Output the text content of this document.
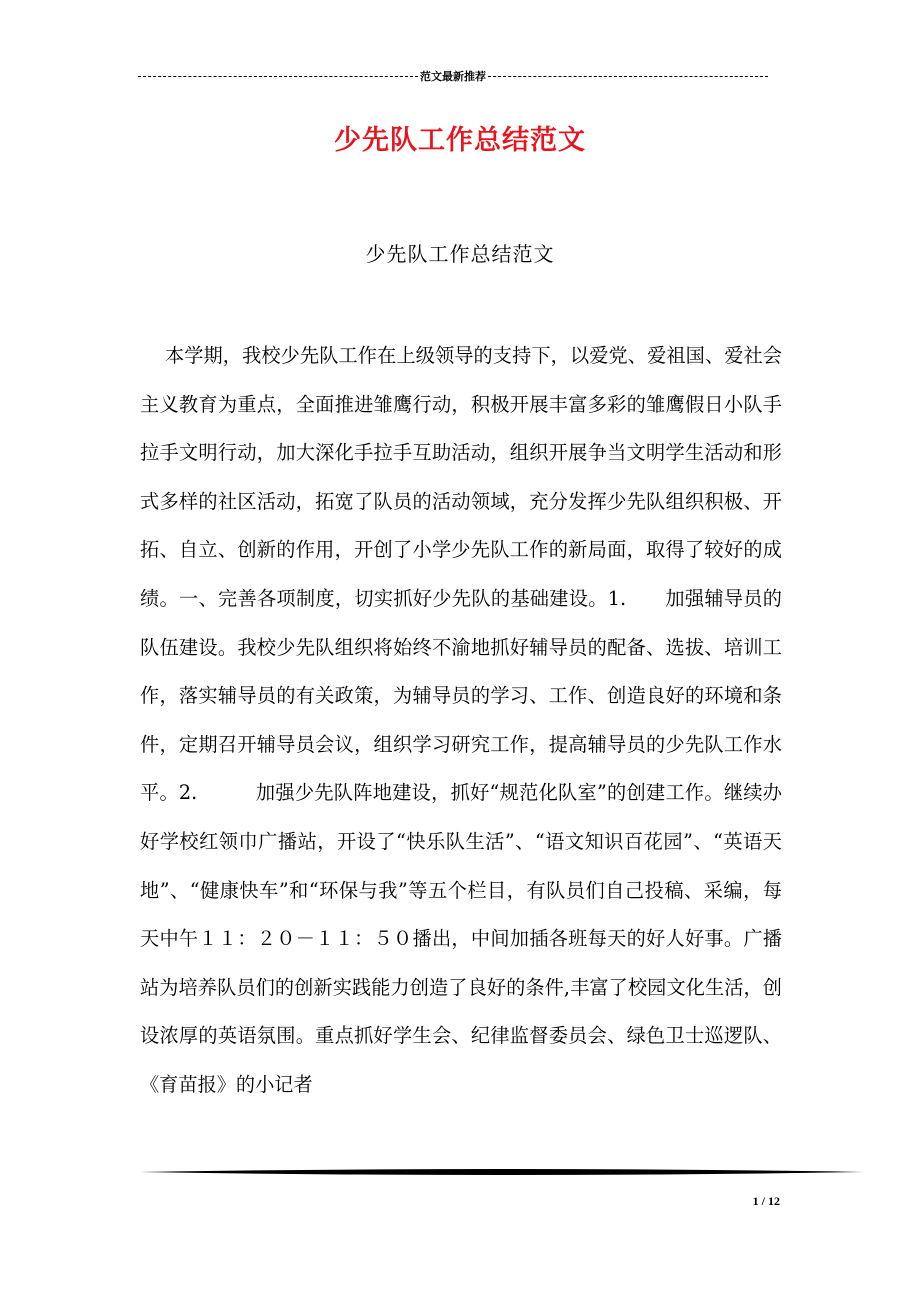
范文最新推荐
少先队工作总结范文
少先队工作总结范文

本学期，我校少先队工作在上级领导的支持下，以爱党、爱祖国、爱社会主义教育为重点，全面推进雏鹰行动，积极开展丰富多彩的雏鹰假日小队手拉手文明行动，加大深化手拉手互助活动，组织开展争当文明学生活动和形式多样的社区活动，拓宽了队员的活动领域，充分发挥少先队组织积极、开拓、自立、创新的作用，开创了小学少先队工作的新局面，取得了较好的成绩。一、完善各项制度，切实抓好少先队的基础建设。1.　　加强辅导员的队伍建设。我校少先队组织将始终不渝地抓好辅导员的配备、选拔、培训工作，落实辅导员的有关政策，为辅导员的学习、工作、创造良好的环境和条件，定期召开辅导员会议，组织学习研究工作，提高辅导员的少先队工作水平。2.　　　加强少先队阵地建设，抓好“规范化队室”的创建工作。继续办好学校红领巾广播站，开设了“快乐队生活”、“语文知识百花园”、“英语天地”、“健康快车”和“环保与我”等五个栏目，有队员们自己投稿、采编，每天中午１１：２０－１１：５０播出，中间加插各班每天的好人好事。广播站为培养队员们的创新实践能力创造了良好的条件,丰富了校园文化生活，创设浓厚的英语氛围。重点抓好学生会、纪律监督委员会、绿色卫士巡逻队、《育苗报》的小记者

1 / 12
